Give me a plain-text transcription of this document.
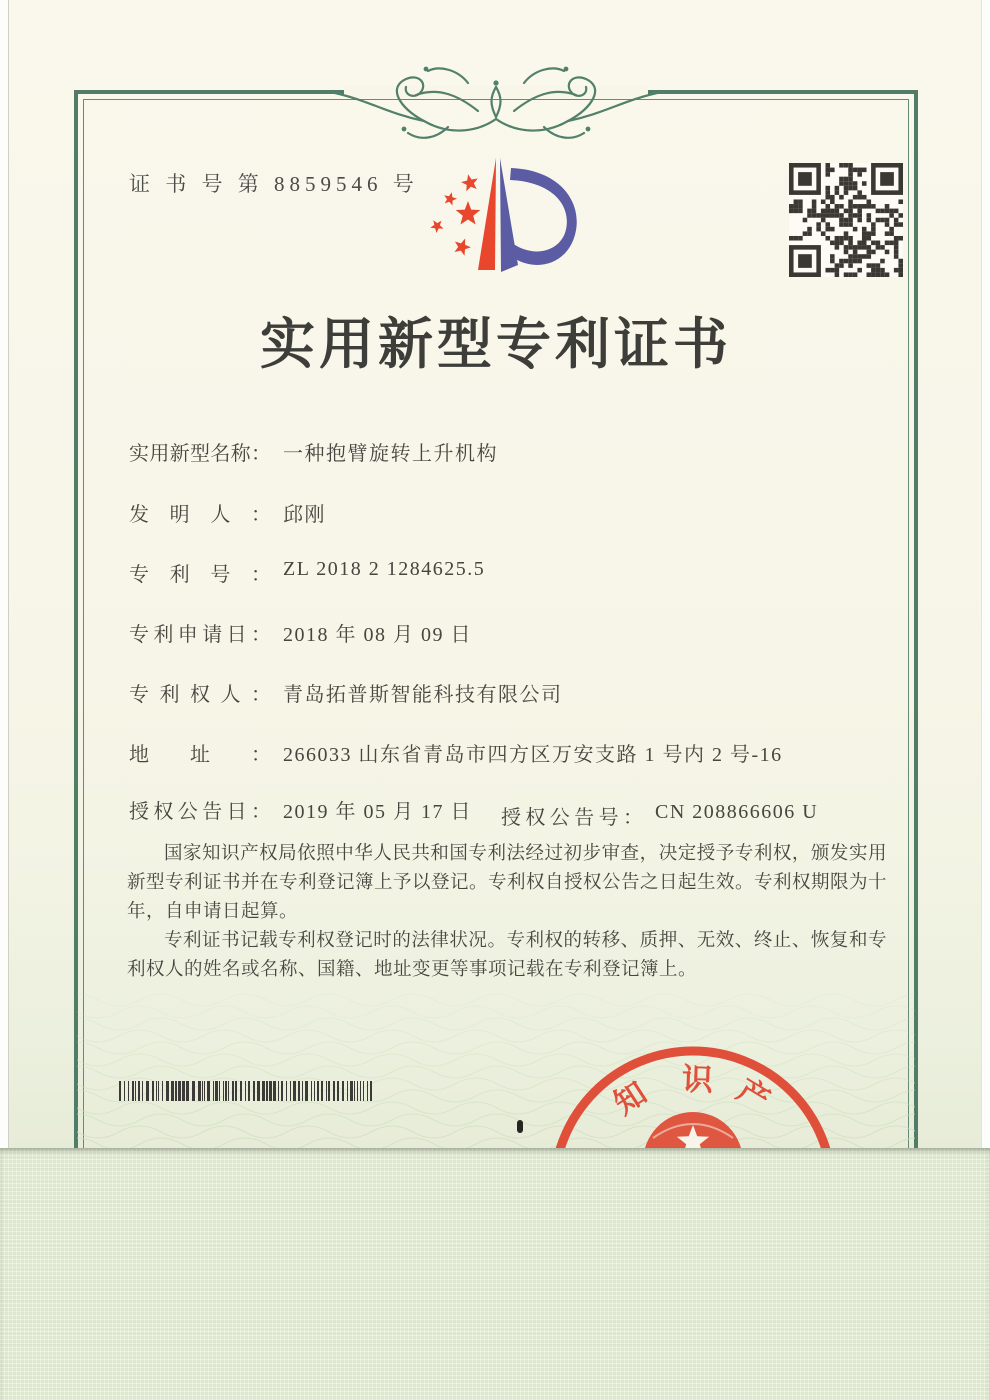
证 书 号 第 8859546 号
实用新型专利证书
实用新型名称： 一种抱臂旋转上升机构
发明人： 邱刚
专利号： ZL 2018 2 1284625.5
专利申请日： 2018 年 08 月 09 日
专利权人： 青岛拓普斯智能科技有限公司
地址： 266033 山东省青岛市四方区万安支路 1 号内 2 号-16
授权公告日： 2019 年 05 月 17 日 授权公告号： CN 208866606 U

国家知识产权局依照中华人民共和国专利法经过初步审查，决定授予专利权，颁发实用新型专利证书并在专利登记簿上予以登记。专利权自授权公告之日起生效。专利权期限为十年，自申请日起算。

专利证书记载专利权登记时的法律状况。专利权的转移、质押、无效、终止、恢复和专利权人的姓名或名称、国籍、地址变更等事项记载在专利登记簿上。

知 识 产
